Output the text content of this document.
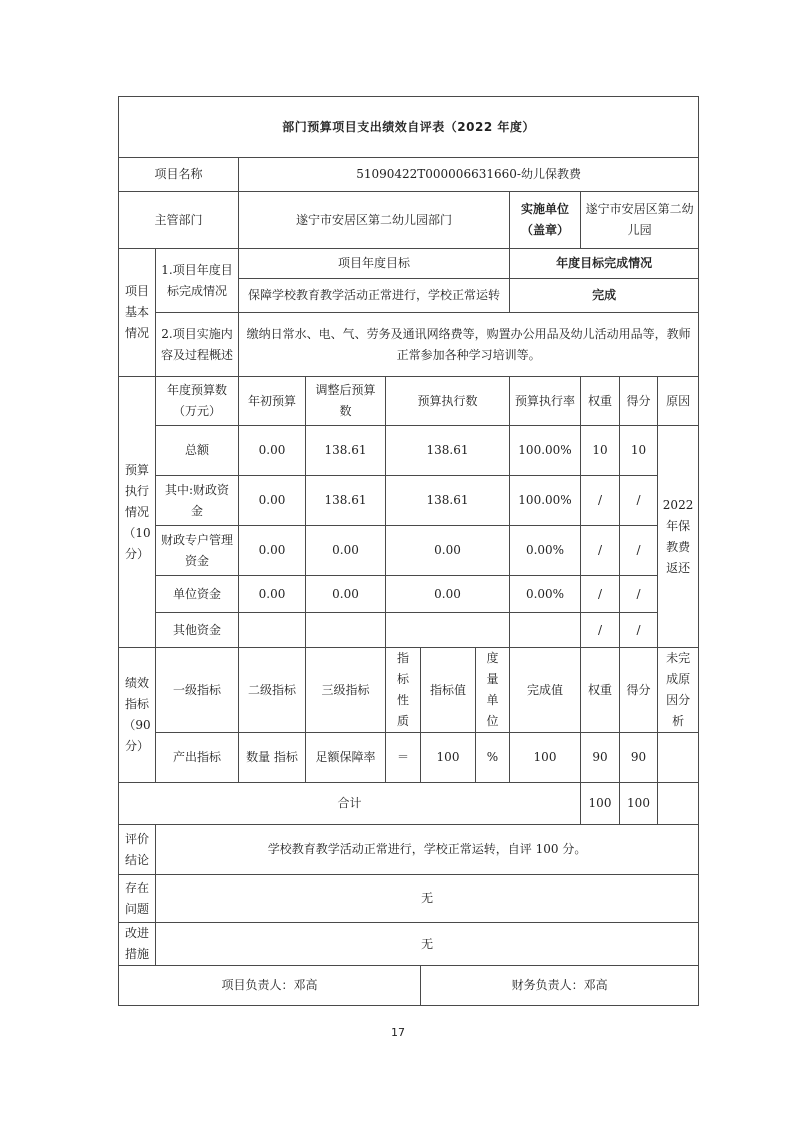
部门预算项目支出绩效自评表（2022 年度）										
项目名称		51090422T000006631660-幼儿保教费								
主管部门		遂宁市安居区第二幼儿园部门					实施单位（盖章）	遂宁市安居区第二幼儿园		
项目基本情况	1.项目年度目标完成情况	项目年度目标					年度目标完成情况			
		保障学校教育教学活动正常进行，学校正常运转					完成			
	2.项目实施内容及过程概述	缴纳日常水、电、气、劳务及通讯网络费等，购置办公用品及幼儿活动用品等，教师正常参加各种学习培训等。								
预算执行情况（10分）	年度预算数（万元）	年初预算	调整后预算数	预算执行数			预算执行率	权重	得分	原因
	总额	0.00	138.61	138.61			100.00%	10	10	2022年保教费返还
	其中:财政资金	0.00	138.61	138.61			100.00%	/	/	
	财政专户管理资金	0.00	0.00	0.00			0.00%	/	/	
	单位资金	0.00	0.00	0.00			0.00%	/	/	
	其他资金							/	/	
绩效指标（90分）	一级指标	二级指标	三级指标	指标性质	指标值	度量单位	完成值	权重	得分	未完成原因分析
	产出指标	数量 指标	足额保障率	＝	100	%	100	90	90	
合计								100	100	
评价结论	学校教育教学活动正常进行，学校正常运转，自评 100 分。									
存在问题	无									
改进措施	无									
项目负责人：邓高					财务负责人：邓高					
17
